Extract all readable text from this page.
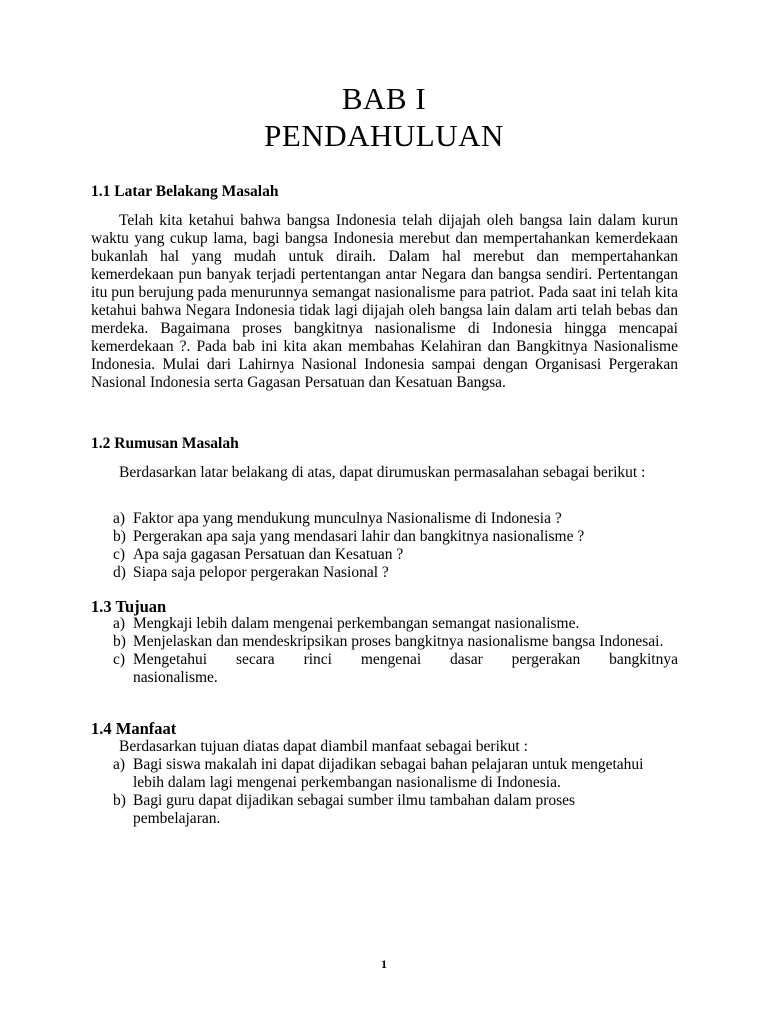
BAB I
PENDAHULUAN
1.1 Latar Belakang Masalah
Telah kita ketahui bahwa bangsa Indonesia telah dijajah oleh bangsa lain dalam kurun waktu yang cukup lama, bagi bangsa Indonesia merebut dan mempertahankan kemerdekaan bukanlah hal yang mudah untuk diraih. Dalam hal merebut dan mempertahankan kemerdekaan pun banyak terjadi pertentangan antar Negara dan bangsa sendiri. Pertentangan itu pun berujung pada menurunnya semangat nasionalisme para patriot. Pada saat ini telah kita ketahui bahwa Negara Indonesia tidak lagi dijajah oleh bangsa lain dalam arti telah bebas dan merdeka. Bagaimana proses bangkitnya nasionalisme di Indonesia hingga mencapai kemerdekaan ?. Pada bab ini kita akan membahas Kelahiran dan Bangkitnya Nasionalisme Indonesia. Mulai dari Lahirnya Nasional Indonesia sampai dengan Organisasi Pergerakan Nasional Indonesia serta Gagasan Persatuan dan Kesatuan Bangsa.
1.2 Rumusan Masalah
Berdasarkan latar belakang di atas, dapat dirumuskan permasalahan sebagai berikut :
a) Faktor apa yang mendukung munculnya Nasionalisme di Indonesia ?
b) Pergerakan apa saja yang mendasari lahir dan bangkitnya nasionalisme ?
c) Apa saja gagasan Persatuan dan Kesatuan ?
d) Siapa saja pelopor pergerakan Nasional ?
1.3 Tujuan
a) Mengkaji lebih dalam mengenai perkembangan semangat nasionalisme.
b) Menjelaskan dan mendeskripsikan proses bangkitnya nasionalisme bangsa Indonesai.
c) Mengetahui secara rinci mengenai dasar pergerakan bangkitnya nasionalisme.
1.4 Manfaat
Berdasarkan tujuan diatas dapat diambil manfaat sebagai berikut :
a) Bagi siswa makalah ini dapat dijadikan sebagai bahan pelajaran untuk mengetahui lebih dalam lagi mengenai perkembangan nasionalisme di Indonesia.
b) Bagi guru dapat dijadikan sebagai sumber ilmu tambahan dalam proses pembelajaran.
1
